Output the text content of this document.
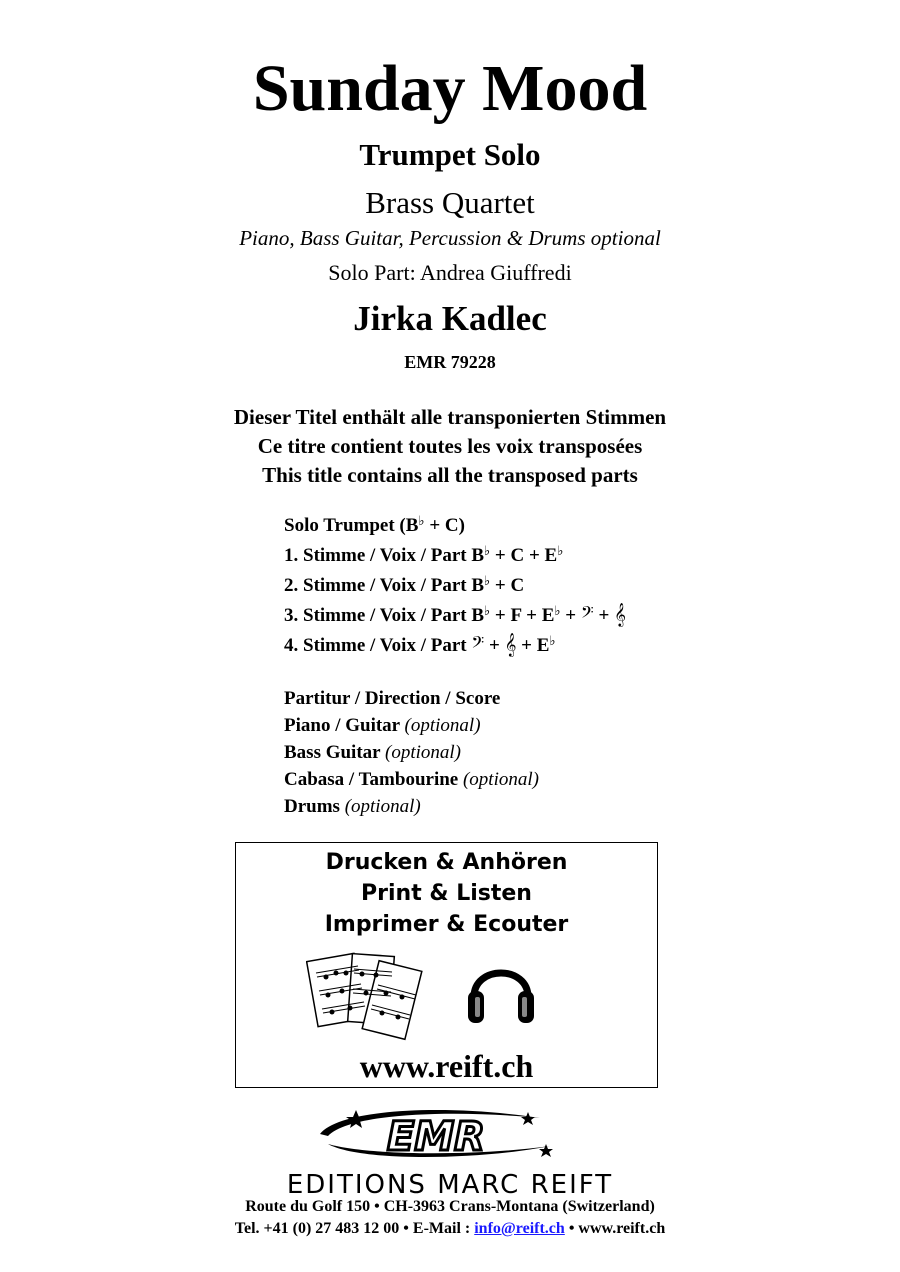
Sunday Mood
Trumpet Solo
Brass Quartet
Piano, Bass Guitar, Percussion & Drums optional
Solo Part: Andrea Giuffredi
Jirka Kadlec
EMR 79228
Dieser Titel enthält alle transponierten Stimmen
Ce titre contient toutes les voix transposées
This title contains all the transposed parts
Solo Trumpet (B♭ + C)
1. Stimme / Voix / Part B♭ + C + E♭
2. Stimme / Voix / Part B♭ + C
3. Stimme / Voix / Part B♭ + F + E♭ + 𝄢 + 𝄞
4. Stimme / Voix / Part 𝄢 + 𝄞 + E♭
Partitur / Direction / Score
Piano / Guitar (optional)
Bass Guitar (optional)
Cabasa / Tambourine (optional)
Drums (optional)
Drucken & Anhören
Print & Listen
Imprimer & Ecouter
www.reift.ch
EMR
EDITIONS MARC REIFT
Route du Golf 150 • CH-3963 Crans-Montana (Switzerland)
Tel. +41 (0) 27 483 12 00 • E-Mail : info@reift.ch • www.reift.ch
